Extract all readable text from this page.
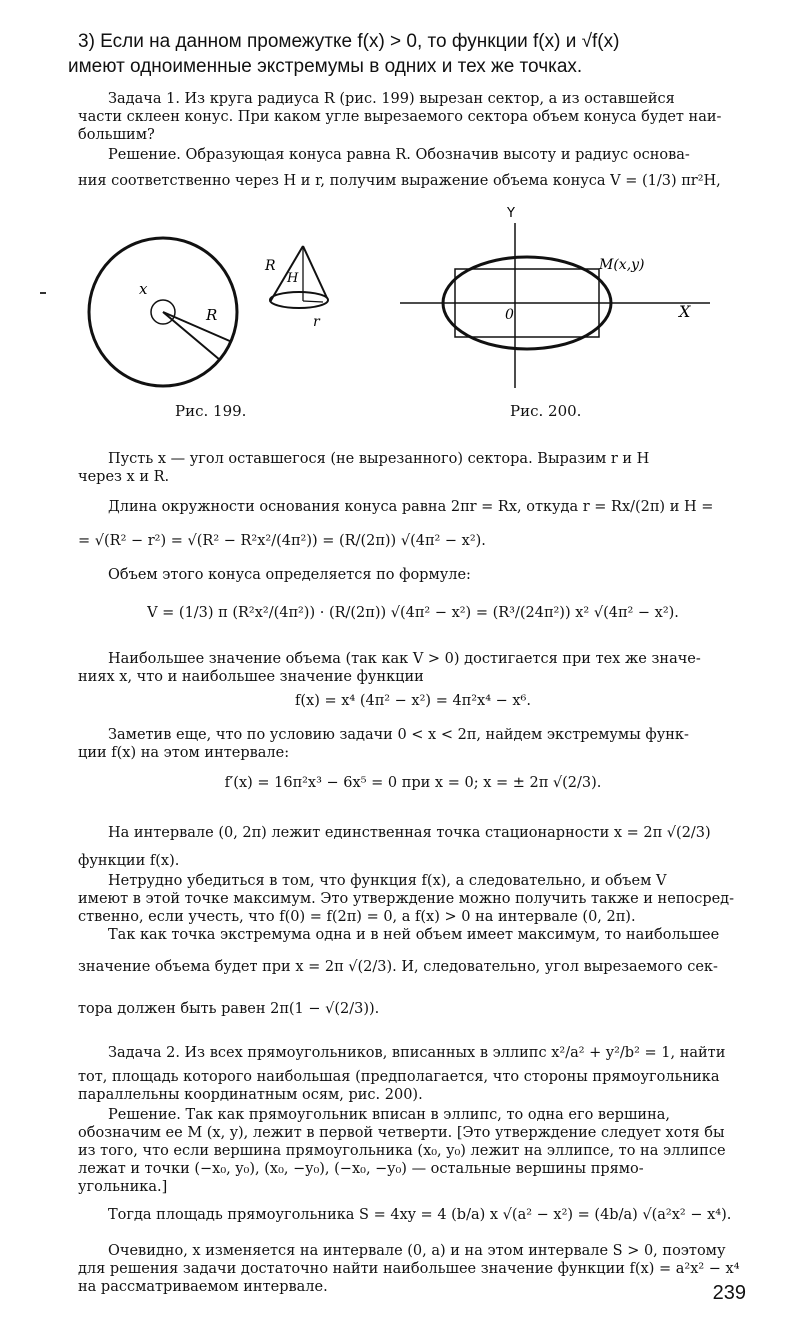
3) Если на данном промежутке f(x) > 0, то функции f(x) и √f(x)
имеют одноименные экстремумы в одних и тех же точках.
Задача 1. Из круга радиуса R (рис. 199) вырезан сектор, а из оставшейся
части склеен конус. При каком угле вырезаемого сектора объем конуса будет наи-
большим?
Решение. Образующая конуса равна R. Обозначив высоту и радиус основа-
ния соответственно через H и r, получим выражение объема конуса V = (1/3) πr²H,
x
R
R
H
r
Y
X
0
M(x,y)
Рис. 199.	Рис. 200.
Пусть x — угол оставшегося (не вырезанного) сектора. Выразим r и H
через x и R.
Длина окружности основания конуса равна 2πr = Rx, откуда r = Rx/(2π) и H =
= √(R² − r²) = √(R² − R²x²/(4π²)) = (R/(2π)) √(4π² − x²).
Объем этого конуса определяется по формуле:
V = (1/3) π (R²x²/(4π²)) · (R/(2π)) √(4π² − x²) = (R³/(24π²)) x² √(4π² − x²).
Наибольшее значение объема (так как V > 0) достигается при тех же значе-
ниях x, что и наибольшее значение функции
f(x) = x⁴ (4π² − x²) = 4π²x⁴ − x⁶.
Заметив еще, что по условию задачи 0 < x < 2π, найдем экстремумы функ-
ции f(x) на этом интервале:
f′(x) = 16π²x³ − 6x⁵ = 0 при x = 0; x = ± 2π √(2/3).
На интервале (0, 2π) лежит единственная точка стационарности x = 2π √(2/3)
функции f(x).
Нетрудно убедиться в том, что функция f(x), а следовательно, и объем V
имеют в этой точке максимум. Это утверждение можно получить также и непосред-
ственно, если учесть, что f(0) = f(2π) = 0, а f(x) > 0 на интервале (0, 2π).
Так как точка экстремума одна и в ней объем имеет максимум, то наибольшее
значение объема будет при x = 2π √(2/3). И, следовательно, угол вырезаемого сек-
тора должен быть равен 2π(1 − √(2/3)).
Задача 2. Из всех прямоугольников, вписанных в эллипс x²/a² + y²/b² = 1, найти
тот, площадь которого наибольшая (предполагается, что стороны прямоугольника
параллельны координатным осям, рис. 200).
Решение. Так как прямоугольник вписан в эллипс, то одна его вершина,
обозначим ее M (x, y), лежит в первой четверти. [Это утверждение следует хотя бы
из того, что если вершина прямоугольника (x₀, y₀) лежит на эллипсе, то на эллипсе
лежат и точки (−x₀, y₀), (x₀, −y₀), (−x₀, −y₀) — остальные вершины прямо-
угольника.]
Тогда площадь прямоугольника S = 4xy = 4 (b/a) x √(a² − x²) = (4b/a) √(a²x² − x⁴).
Очевидно, x изменяется на интервале (0, a) и на этом интервале S > 0, поэтому
для решения задачи достаточно найти наибольшее значение функции f(x) = a²x² − x⁴
на рассматриваемом интервале.	239
